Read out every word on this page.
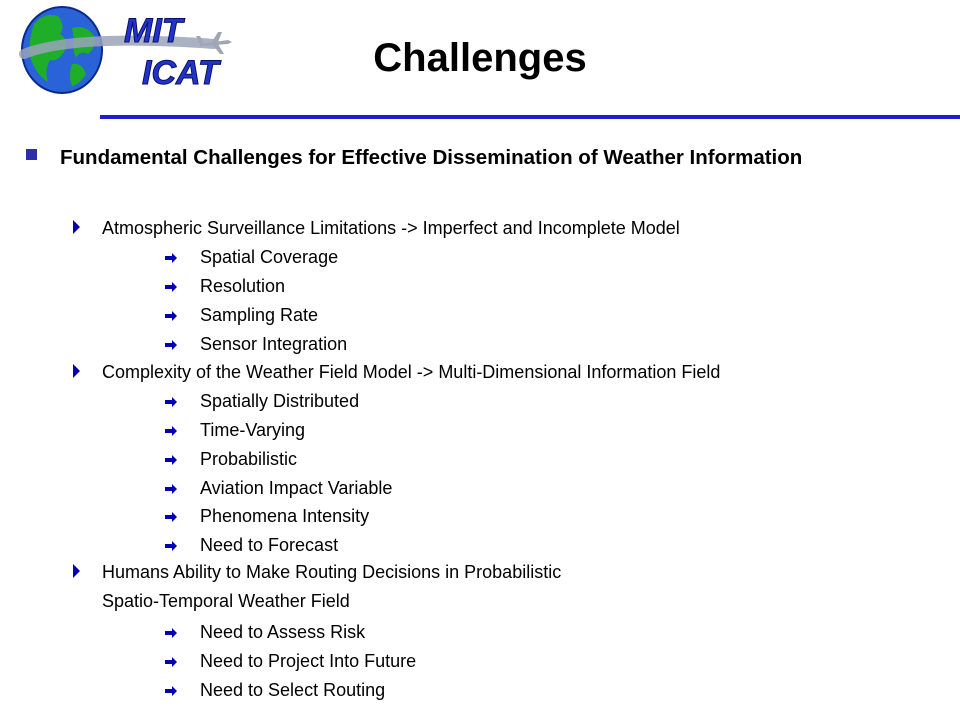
MIT
ICAT	Challenges
Fundamental Challenges for Effective Dissemination of Weather Information
Atmospheric Surveillance Limitations -> Imperfect and Incomplete Model
Spatial Coverage
Resolution
Sampling Rate
Sensor Integration
Complexity of the Weather Field Model -> Multi-Dimensional Information Field
Spatially Distributed
Time-Varying
Probabilistic
Aviation Impact Variable
Phenomena Intensity
Need to Forecast
Humans Ability to Make Routing Decisions in Probabilistic
Spatio-Temporal Weather Field
Need to Assess Risk
Need to Project Into Future
Need to Select Routing
